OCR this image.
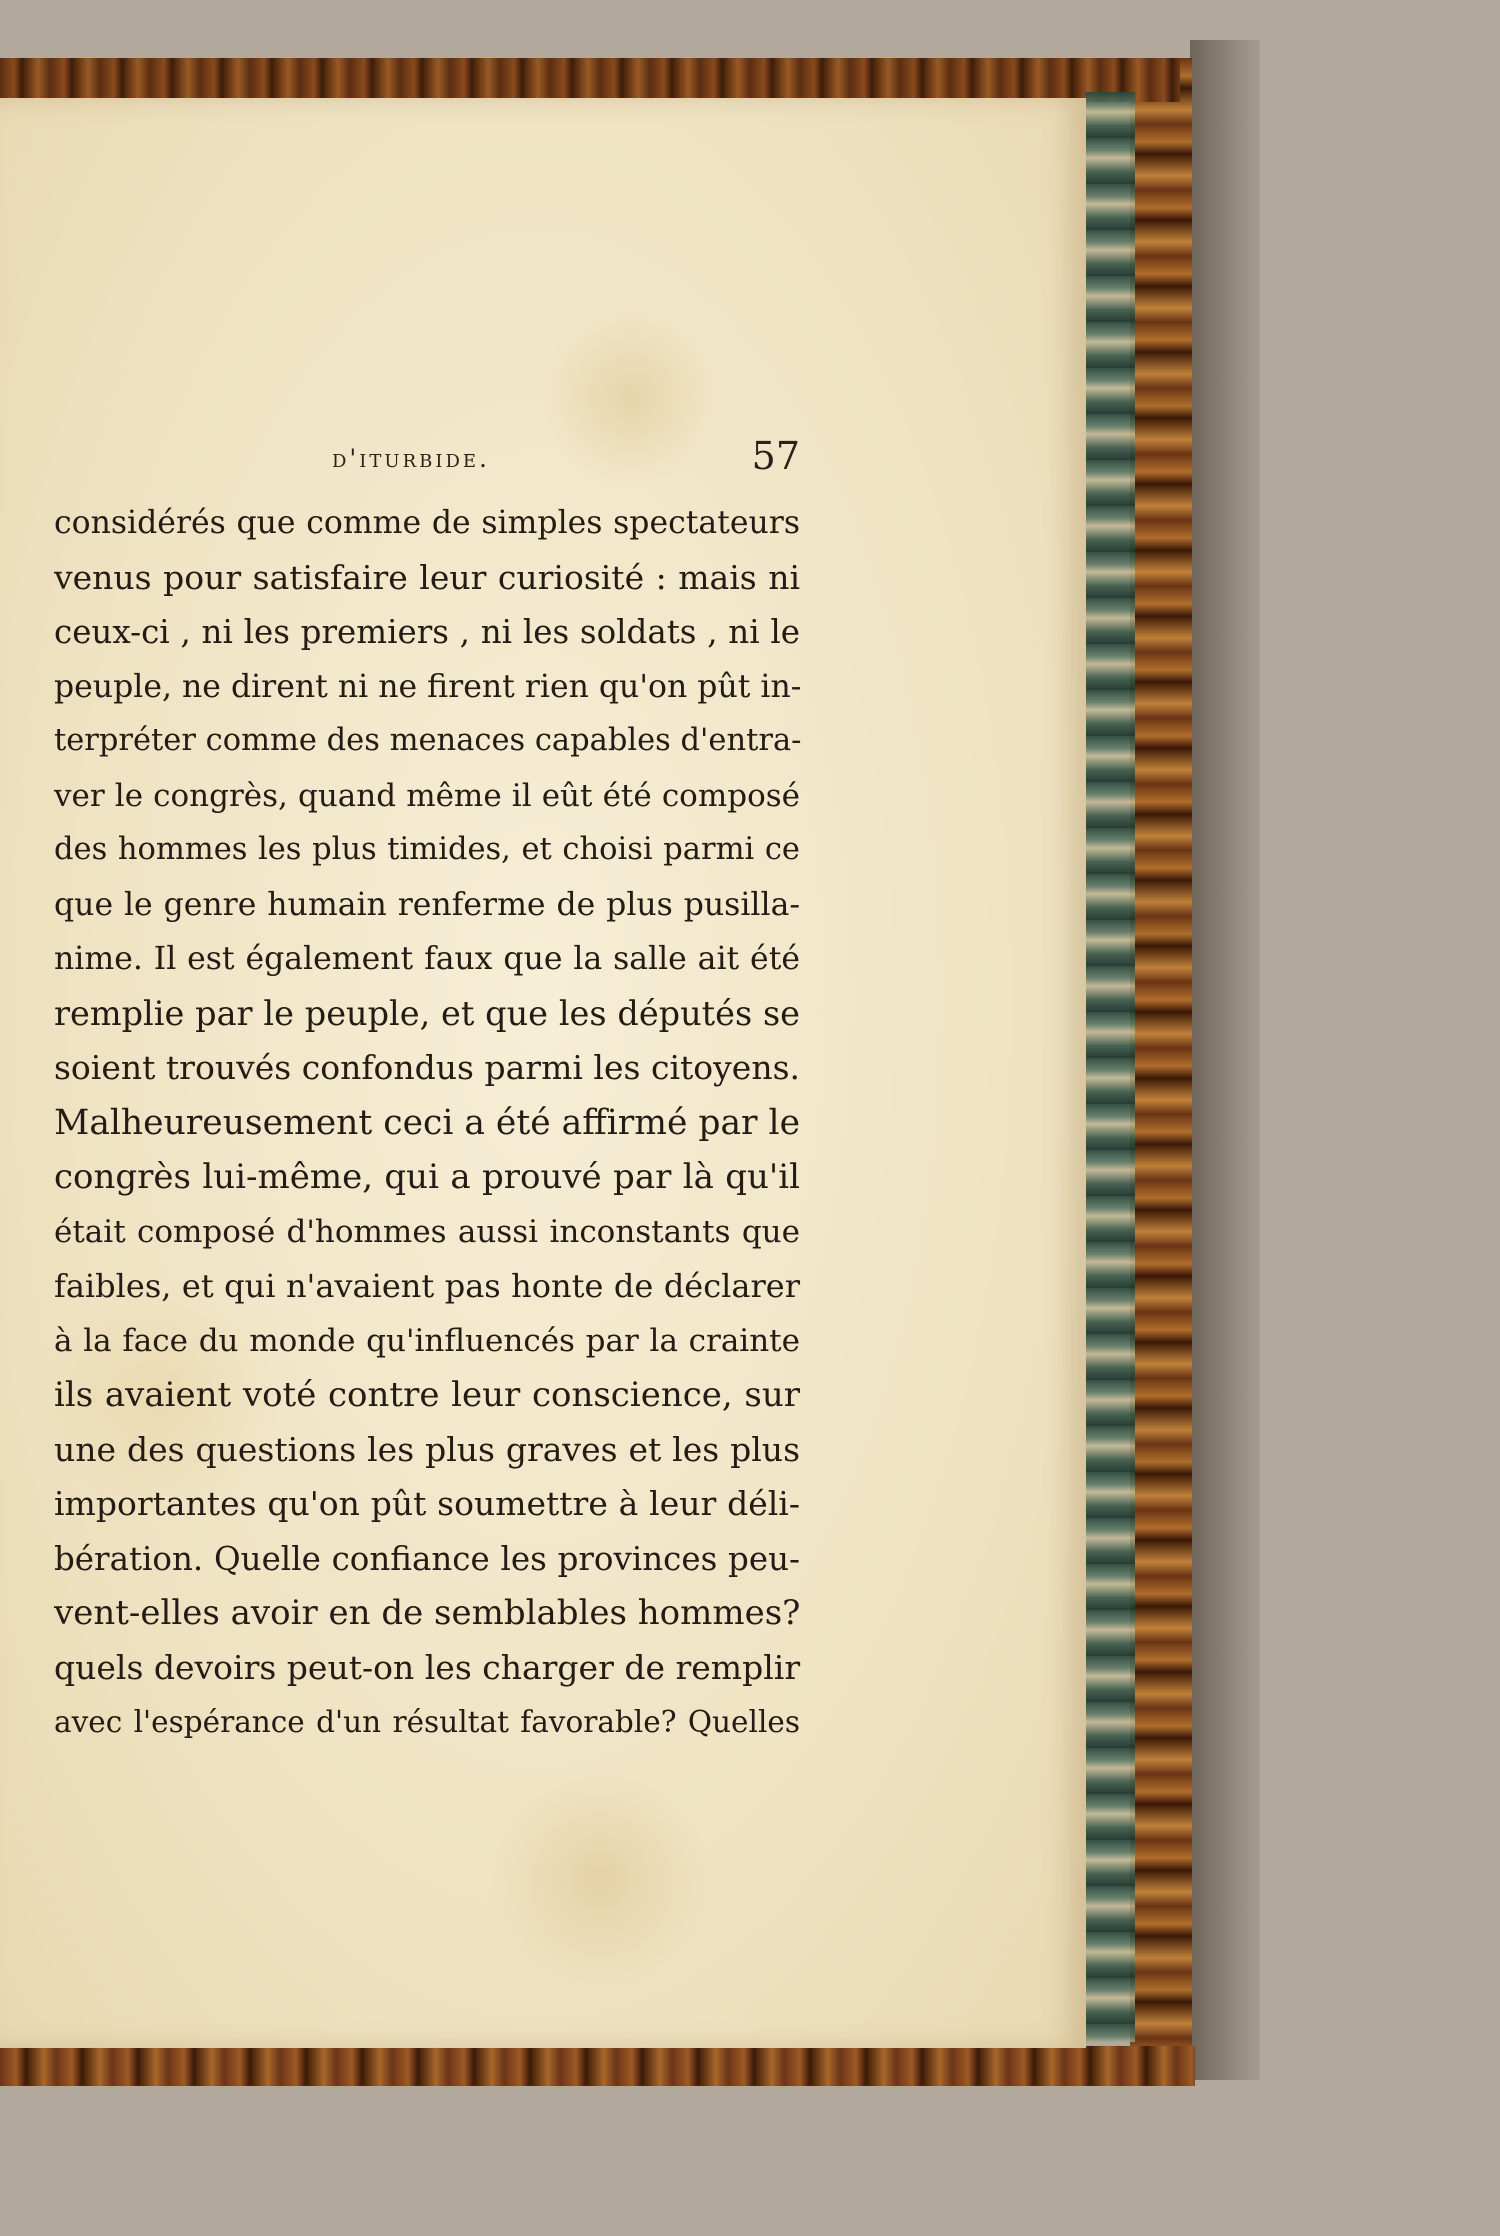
d'iturbide.	57
considérés que comme de simples spectateurs
venus pour satisfaire leur curiosité : mais ni
ceux-ci , ni les premiers , ni les soldats , ni le
peuple, ne dirent ni ne firent rien qu'on pût in-
terpréter comme des menaces capables d'entra-
ver le congrès, quand même il eût été composé
des hommes les plus timides, et choisi parmi ce
que le genre humain renferme de plus pusilla-
nime. Il est également faux que la salle ait été
remplie par le peuple, et que les députés se
soient trouvés confondus parmi les citoyens.
Malheureusement ceci a été affirmé par le
congrès lui-même, qui a prouvé par là qu'il
était composé d'hommes aussi inconstants que
faibles, et qui n'avaient pas honte de déclarer
à la face du monde qu'influencés par la crainte
ils avaient voté contre leur conscience, sur
une des questions les plus graves et les plus
importantes qu'on pût soumettre à leur déli-
bération. Quelle confiance les provinces peu-
vent-elles avoir en de semblables hommes?
quels devoirs peut-on les charger de remplir
avec l'espérance d'un résultat favorable? Quelles
